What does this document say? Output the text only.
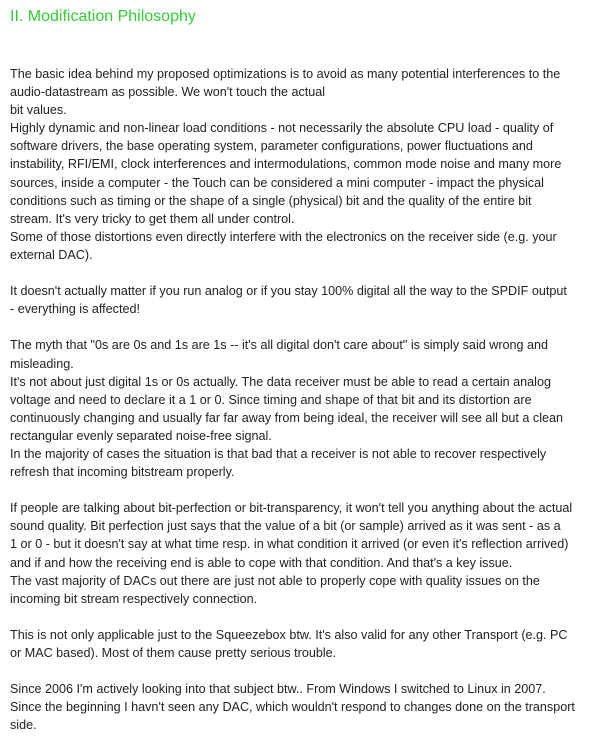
II. Modification Philosophy
The basic idea behind my proposed optimizations is to avoid as many potential interferences to the
audio-datastream as possible. We won't touch the actual
bit values.
Highly dynamic and non-linear load conditions - not necessarily the absolute CPU load - quality of
software drivers, the base operating system, parameter configurations, power fluctuations and
instability, RFI/EMI, clock interferences and intermodulations, common mode noise and many more
sources, inside a computer - the Touch can be considered a mini computer - impact the physical
conditions such as timing or the shape of a single (physical) bit and the quality of the entire bit
stream. It's very tricky to get them all under control.
Some of those distortions even directly interfere with the electronics on the receiver side (e.g. your
external DAC).
It doesn't actually matter if you run analog or if you stay 100% digital all the way to the SPDIF output
- everything is affected!
The myth that "0s are 0s and 1s are 1s -- it's all digital don't care about" is simply said wrong and
misleading.
It's not about just digital 1s or 0s actually. The data receiver must be able to read a certain analog
voltage and need to declare it a 1 or 0. Since timing and shape of that bit and its distortion are
continuously changing and usually far far away from being ideal, the receiver will see all but a clean
rectangular evenly separated noise-free signal.
In the majority of cases the situation is that bad that a receiver is not able to recover respectively
refresh that incoming bitstream properly.
If people are talking about bit-perfection or bit-transparency, it won't tell you anything about the actual
sound quality. Bit perfection just says that the value of a bit (or sample) arrived as it was sent - as a
1 or 0 - but it doesn't say at what time resp. in what condition it arrived (or even it's reflection arrived)
and if and how the receiving end is able to cope with that condition. And that's a key issue.
The vast majority of DACs out there are just not able to properly cope with quality issues on the
incoming bit stream respectively connection.
This is not only applicable just to the Squeezebox btw. It's also valid for any other Transport (e.g. PC
or MAC based). Most of them cause pretty serious trouble.
Since 2006 I'm actively looking into that subject btw.. From Windows I switched to Linux in 2007.
Since the beginning I havn't seen any DAC, which wouldn't respond to changes done on the transport
side.
